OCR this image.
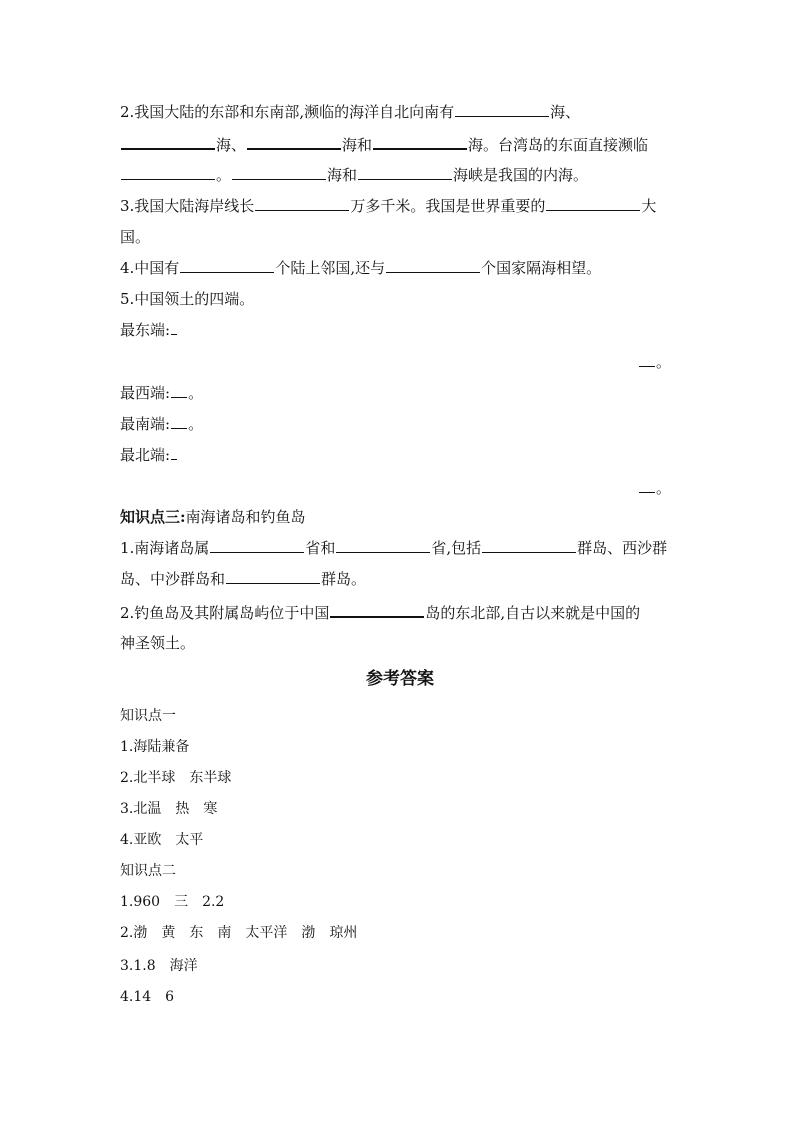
2.我国大陆的东部和东南部,濒临的海洋自北向南有	海、
海、	海和	海。台湾岛的东面直接濒临
。	海和	海峡是我国的内海。
3.我国大陆海岸线长	万多千米。我国是世界重要的	大
国。
4.中国有	个陆上邻国,还与	个国家隔海相望。
5.中国领土的四端。
最东端:
。
最西端: 。
最南端: 。
最北端:
。
知识点三:南海诸岛和钓鱼岛
1.南海诸岛属	省和	省,包括	群岛、西沙群
岛、中沙群岛和	群岛。
2.钓鱼岛及其附属岛屿位于中国	岛的东北部,自古以来就是中国的
神圣领土。
参考答案
知识点一
1.海陆兼备
2.北半球　东半球
3.北温　热　寒
4.亚欧　太平
知识点二
1.960　三　2.2
2.渤　黄　东　南　太平洋　渤　琼州
3.1.8　海洋
4.14　6
